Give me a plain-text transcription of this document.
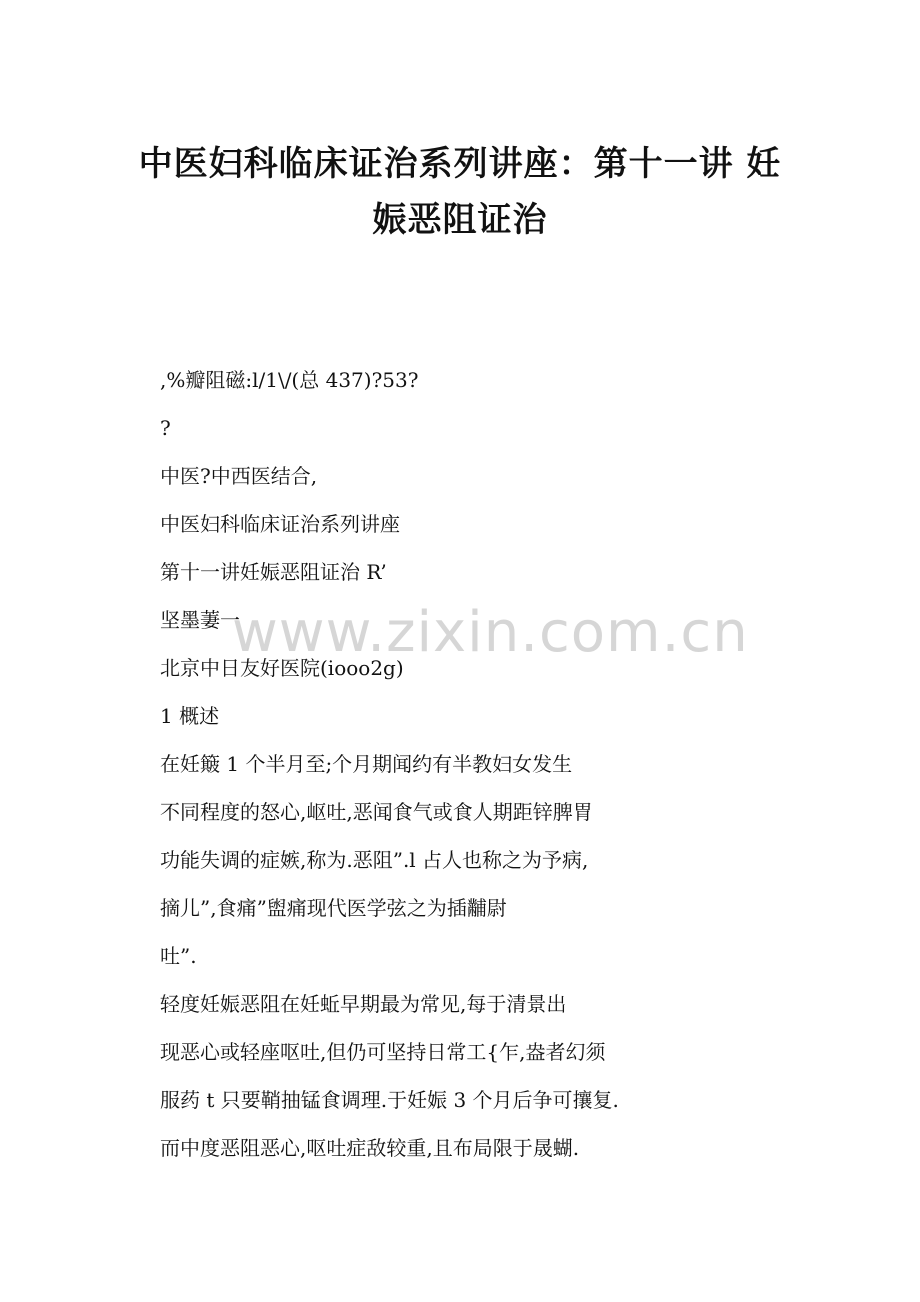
中医妇科临床证治系列讲座：第十一讲 妊
娠恶阻证治
,%瓣阻磁:l/1\/(总 437)?53?
?
中医?中西医结合,
中医妇科临床证治系列讲座
第十一讲妊娠恶阻证治 R’
坚墨萋一
北京中日友好医院(iooo2g)
1 概述
在妊簸 1 个半月至;个月期闻约有半教妇女发生
不同程度的怒心,岖吐,恶闻食气或食人期距锌脾胃
功能失调的症嫉,称为.恶阻”.l 占人也称之为予病,
摘儿”,食痛”盥痛现代医学弦之为插黼尉
吐”.
轻度妊娠恶阻在妊蚯早期最为常见,每于清景出
现恶心或轻座呕吐,但仍可坚持日常工{乍,盎者幻须
服药 t 只要鞘抽锰食调理.于妊娠 3 个月后争可攘复.
而中度恶阻恶心,呕吐症敌较重,且布局限于晟蝴.
www.zixin.com.cn
